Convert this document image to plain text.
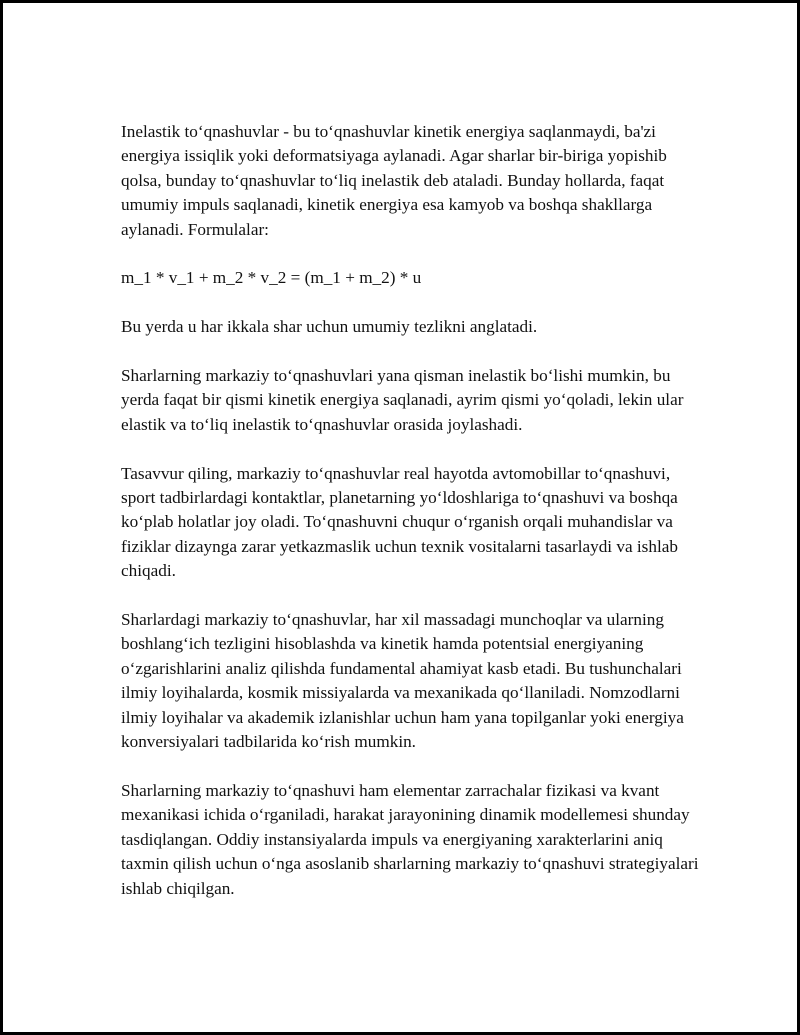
Inelastik to‘qnashuvlar - bu to‘qnashuvlar kinetik energiya saqlanmaydi, ba'zi energiya issiqlik yoki deformatsiyaga aylanadi. Agar sharlar bir-biriga yopishib qolsa, bunday to‘qnashuvlar to‘liq inelastik deb ataladi. Bunday hollarda, faqat umumiy impuls saqlanadi, kinetik energiya esa kamyob va boshqa shakllarga aylanadi. Formulalar:

m_1 * v_1 + m_2 * v_2 = (m_1 + m_2) * u

Bu yerda u har ikkala shar uchun umumiy tezlikni anglatadi.

Sharlarning markaziy to‘qnashuvlari yana qisman inelastik bo‘lishi mumkin, bu yerda faqat bir qismi kinetik energiya saqlanadi, ayrim qismi yo‘qoladi, lekin ular elastik va to‘liq inelastik to‘qnashuvlar orasida joylashadi.

Tasavvur qiling, markaziy to‘qnashuvlar real hayotda avtomobillar to‘qnashuvi, sport tadbirlardagi kontaktlar, planetarning yo‘ldoshlariga to‘qnashuvi va boshqa ko‘plab holatlar joy oladi. To‘qnashuvni chuqur o‘rganish orqali muhandislar va fiziklar dizaynga zarar yetkazmaslik uchun texnik vositalarni tasarlaydi va ishlab chiqadi.

Sharlardagi markaziy to‘qnashuvlar, har xil massadagi munchoqlar va ularning boshlang‘ich tezligini hisoblashda va kinetik hamda potentsial energiyaning o‘zgarishlarini analiz qilishda fundamental ahamiyat kasb etadi. Bu tushunchalari ilmiy loyihalarda, kosmik missiyalarda va mexanikada qo‘llaniladi. Nomzodlarni ilmiy loyihalar va akademik izlanishlar uchun ham yana topilganlar yoki energiya konversiyalari tadbilarida ko‘rish mumkin.

Sharlarning markaziy to‘qnashuvi ham elementar zarrachalar fizikasi va kvant mexanikasi ichida o‘rganiladi, harakat jarayonining dinamik modellemesi shunday tasdiqlangan. Oddiy instansiyalarda impuls va energiyaning xarakterlarini aniq taxmin qilish uchun o‘nga asoslanib sharlarning markaziy to‘qnashuvi strategiyalari ishlab chiqilgan.
